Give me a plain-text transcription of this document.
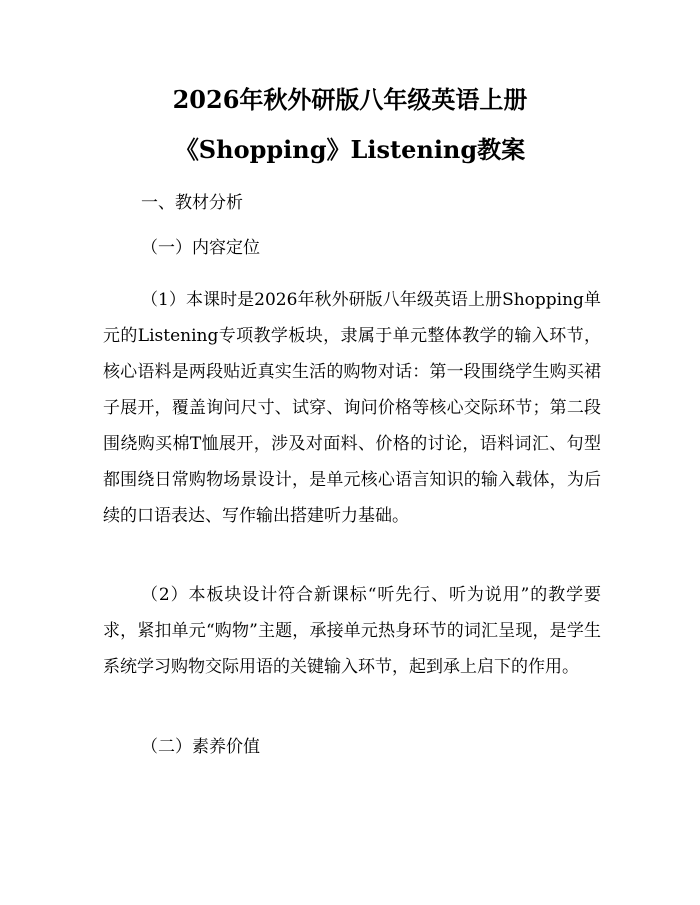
2026年秋外研版八年级英语上册
《Shopping》Listening教案
一、教材分析
（一）内容定位
（1）本课时是2026年秋外研版八年级英语上册Shopping单元的Listening专项教学板块，隶属于单元整体教学的输入环节，核心语料是两段贴近真实生活的购物对话：第一段围绕学生购买裙子展开，覆盖询问尺寸、试穿、询问价格等核心交际环节；第二段围绕购买棉T恤展开，涉及对面料、价格的讨论，语料词汇、句型都围绕日常购物场景设计，是单元核心语言知识的输入载体，为后续的口语表达、写作输出搭建听力基础。
（2）本板块设计符合新课标“听先行、听为说用”的教学要求，紧扣单元“购物”主题，承接单元热身环节的词汇呈现，是学生系统学习购物交际用语的关键输入环节，起到承上启下的作用。
（二）素养价值
